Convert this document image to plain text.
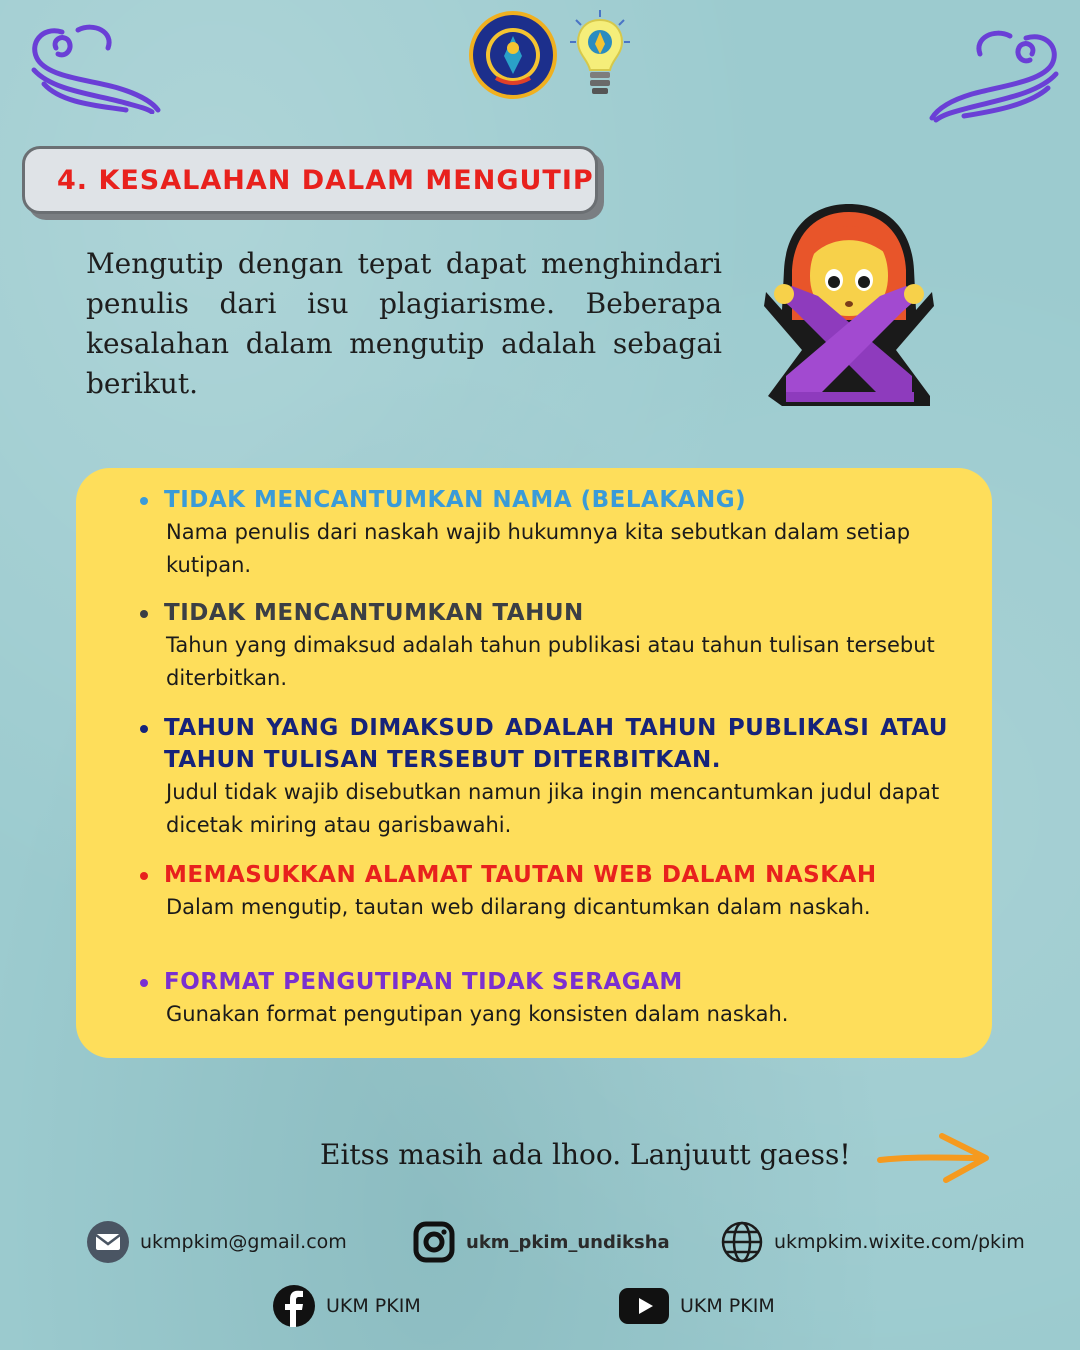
4. KESALAHAN DALAM MENGUTIP
Mengutip dengan tepat dapat menghindari penulis dari isu plagiarisme. Beberapa kesalahan dalam mengutip adalah sebagai berikut.
TIDAK MENCANTUMKAN NAMA (BELAKANG)
Nama penulis dari naskah wajib hukumnya kita sebutkan dalam setiap kutipan.
TIDAK MENCANTUMKAN TAHUN
Tahun yang dimaksud adalah tahun publikasi atau tahun tulisan tersebut diterbitkan.
TAHUN YANG DIMAKSUD ADALAH TAHUN PUBLIKASI ATAU TAHUN TULISAN TERSEBUT DITERBITKAN.
Judul tidak wajib disebutkan namun jika ingin mencantumkan judul dapat dicetak miring atau garisbawahi.
MEMASUKKAN ALAMAT TAUTAN WEB DALAM NASKAH
Dalam mengutip, tautan web dilarang dicantumkan dalam naskah.
FORMAT PENGUTIPAN TIDAK SERAGAM
Gunakan format pengutipan yang konsisten dalam naskah.
Eitss masih ada lhoo. Lanjuutt gaess!
ukmpkim@gmail.com	ukm_pkim_undiksha	ukmpkim.wixite.com/pkim
UKM PKIM	UKM PKIM
